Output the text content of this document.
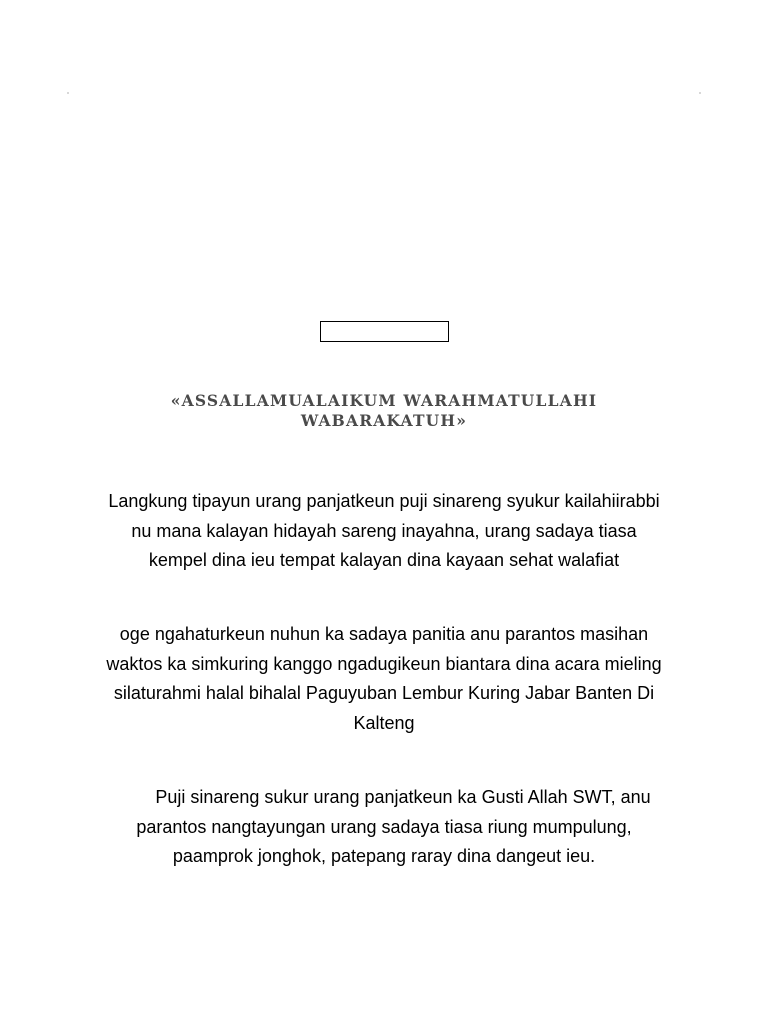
«ASSALLAMUALAIKUM WARAHMATULLAHI
WABARAKATUH»
Langkung tipayun urang panjatkeun puji sinareng syukur kailahiirabbi
nu mana kalayan hidayah sareng inayahna, urang sadaya tiasa
kempel dina ieu tempat kalayan dina kayaan sehat walafiat
oge ngahaturkeun nuhun ka sadaya panitia anu parantos masihan
waktos ka simkuring kanggo ngadugikeun biantara dina acara mieling
silaturahmi halal bihalal Paguyuban Lembur Kuring Jabar Banten Di
Kalteng
Puji sinareng sukur urang panjatkeun ka Gusti Allah SWT, anu
parantos nangtayungan urang sadaya tiasa riung mumpulung,
paamprok jonghok, patepang raray dina dangeut ieu.
